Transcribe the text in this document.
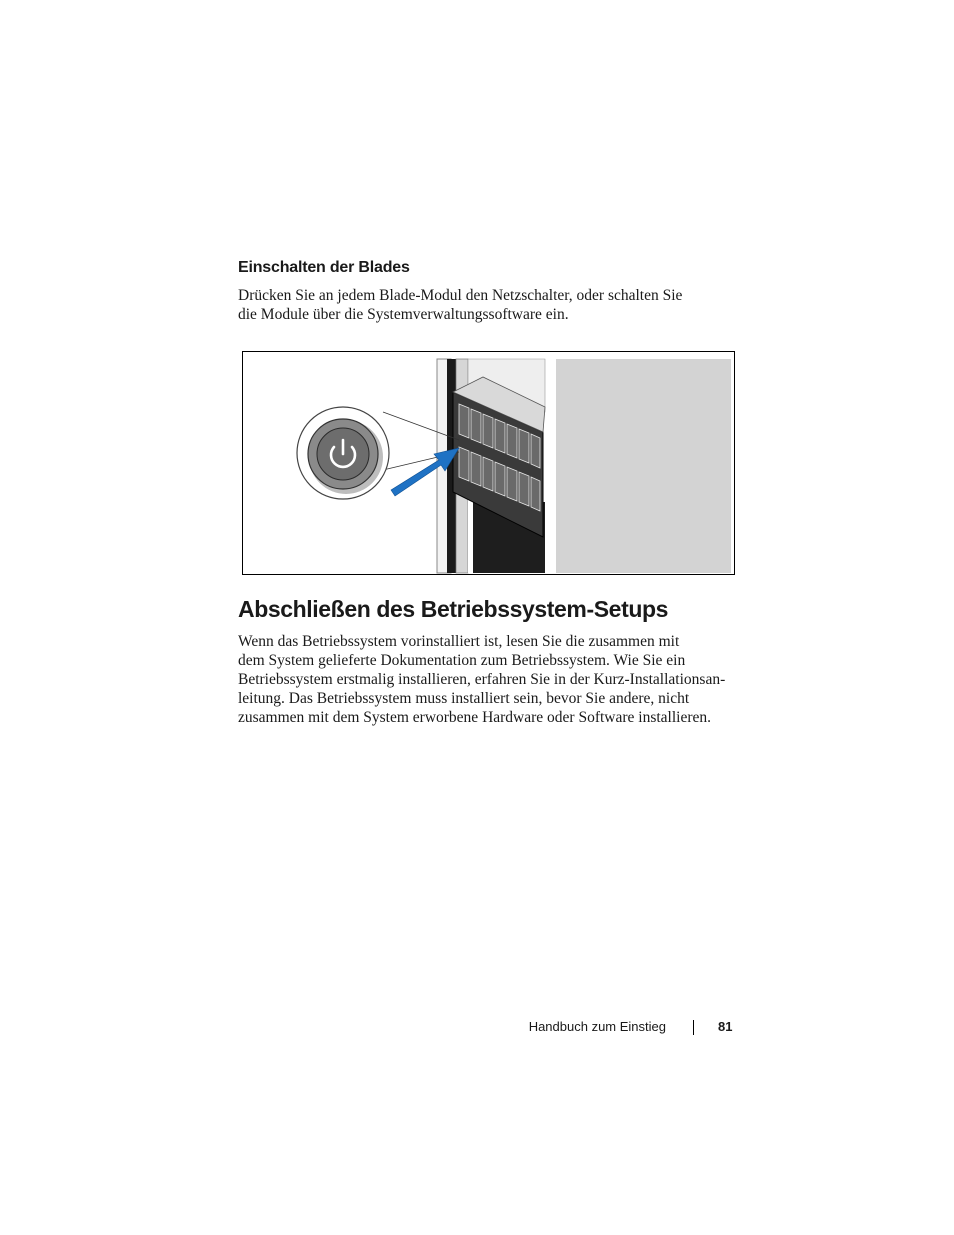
Einschalten der Blades

Drücken Sie an jedem Blade-Modul den Netzschalter, oder schalten Sie
die Module über die Systemverwaltungssoftware ein.

Abschließen des Betriebssystem-Setups

Wenn das Betriebssystem vorinstalliert ist, lesen Sie die zusammen mit
dem System gelieferte Dokumentation zum Betriebssystem. Wie Sie ein
Betriebssystem erstmalig installieren, erfahren Sie in der Kurz-Installationsan-
leitung. Das Betriebssystem muss installiert sein, bevor Sie andere, nicht
zusammen mit dem System erworbene Hardware oder Software installieren.

Handbuch zum Einstieg	81
